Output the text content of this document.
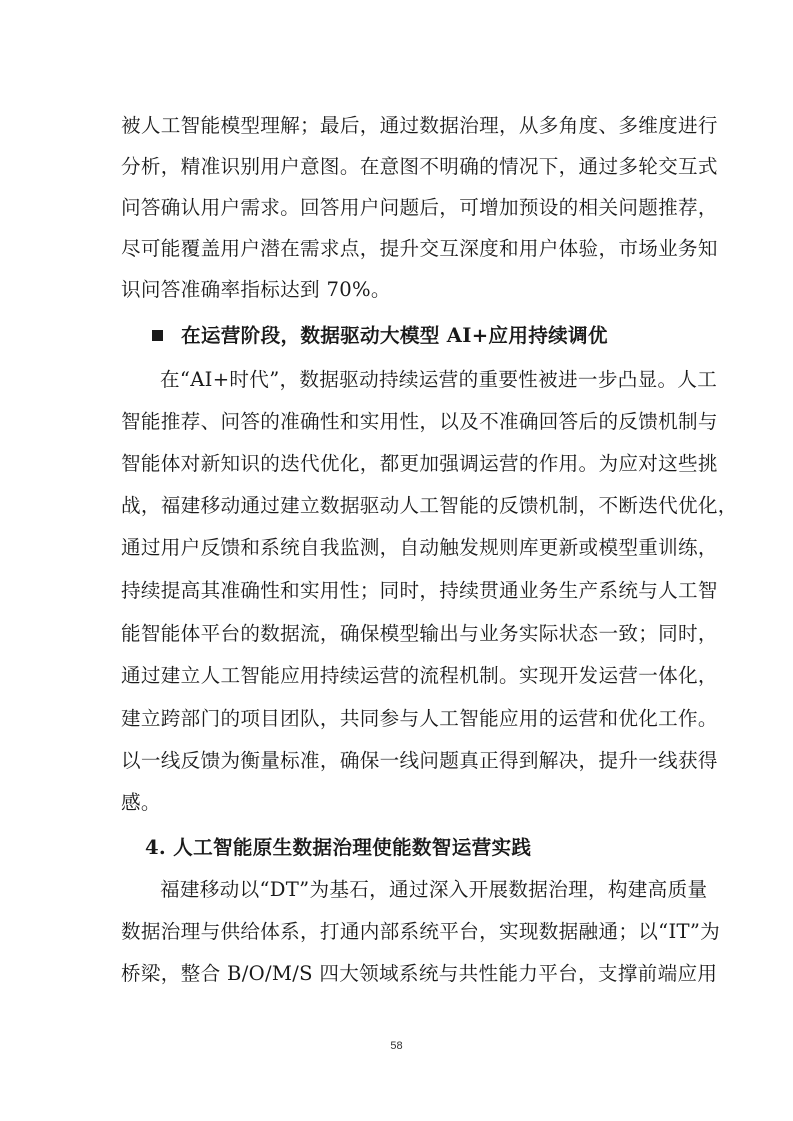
被人工智能模型理解；最后，通过数据治理，从多角度、多维度进行
分析，精准识别用户意图。在意图不明确的情况下，通过多轮交互式
问答确认用户需求。回答用户问题后，可增加预设的相关问题推荐，
尽可能覆盖用户潜在需求点，提升交互深度和用户体验，市场业务知
识问答准确率指标达到 70%。
在运营阶段，数据驱动大模型 AI+应用持续调优
在“AI+时代”，数据驱动持续运营的重要性被进一步凸显。人工
智能推荐、问答的准确性和实用性，以及不准确回答后的反馈机制与
智能体对新知识的迭代优化，都更加强调运营的作用。为应对这些挑
战，福建移动通过建立数据驱动人工智能的反馈机制，不断迭代优化，
通过用户反馈和系统自我监测，自动触发规则库更新或模型重训练，
持续提高其准确性和实用性；同时，持续贯通业务生产系统与人工智
能智能体平台的数据流，确保模型输出与业务实际状态一致；同时，
通过建立人工智能应用持续运营的流程机制。实现开发运营一体化，
建立跨部门的项目团队，共同参与人工智能应用的运营和优化工作。
以一线反馈为衡量标准，确保一线问题真正得到解决，提升一线获得
感。
4. 人工智能原生数据治理使能数智运营实践
福建移动以“DT”为基石，通过深入开展数据治理，构建高质量
数据治理与供给体系，打通内部系统平台，实现数据融通；以“IT”为
桥梁，整合 B/O/M/S 四大领域系统与共性能力平台，支撑前端应用
58
